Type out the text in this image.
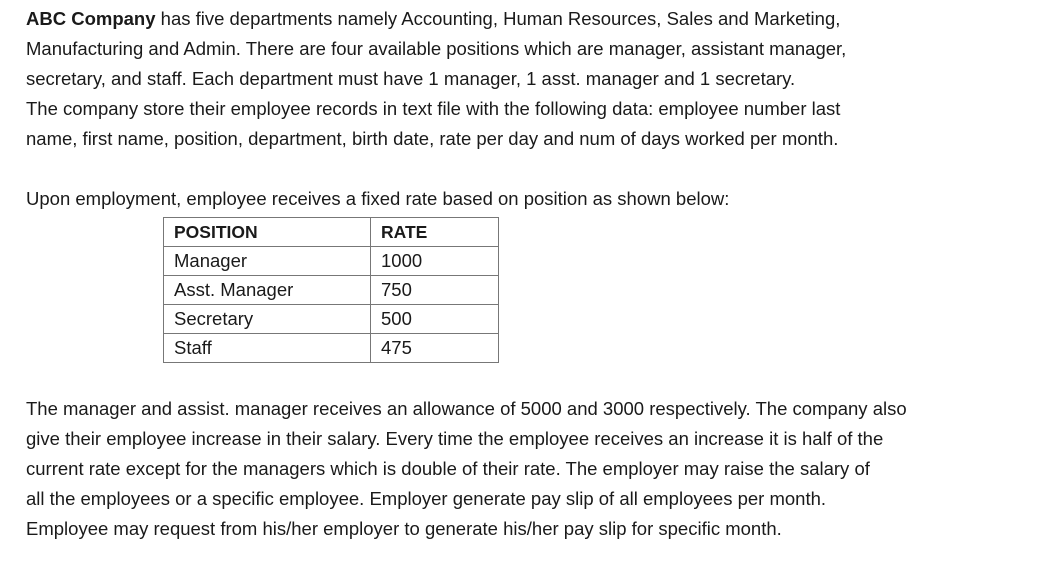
ABC Company has five departments namely Accounting, Human Resources, Sales and Marketing,
Manufacturing and Admin. There are four available positions which are manager, assistant manager,
secretary, and staff. Each department must have 1 manager, 1 asst. manager and 1 secretary.
The company store their employee records in text file with the following data: employee number last
name, first name, position, department, birth date, rate per day and num of days worked per month.

Upon employment, employee receives a fixed rate based on position as shown below:

POSITION	RATE
Manager	1000
Asst. Manager	750
Secretary	500
Staff	475

The manager and assist. manager receives an allowance of 5000 and 3000 respectively. The company also
give their employee increase in their salary. Every time the employee receives an increase it is half of the
current rate except for the managers which is double of their rate. The employer may raise the salary of
all the employees or a specific employee. Employer generate pay slip of all employees per month.
Employee may request from his/her employer to generate his/her pay slip for specific month.
